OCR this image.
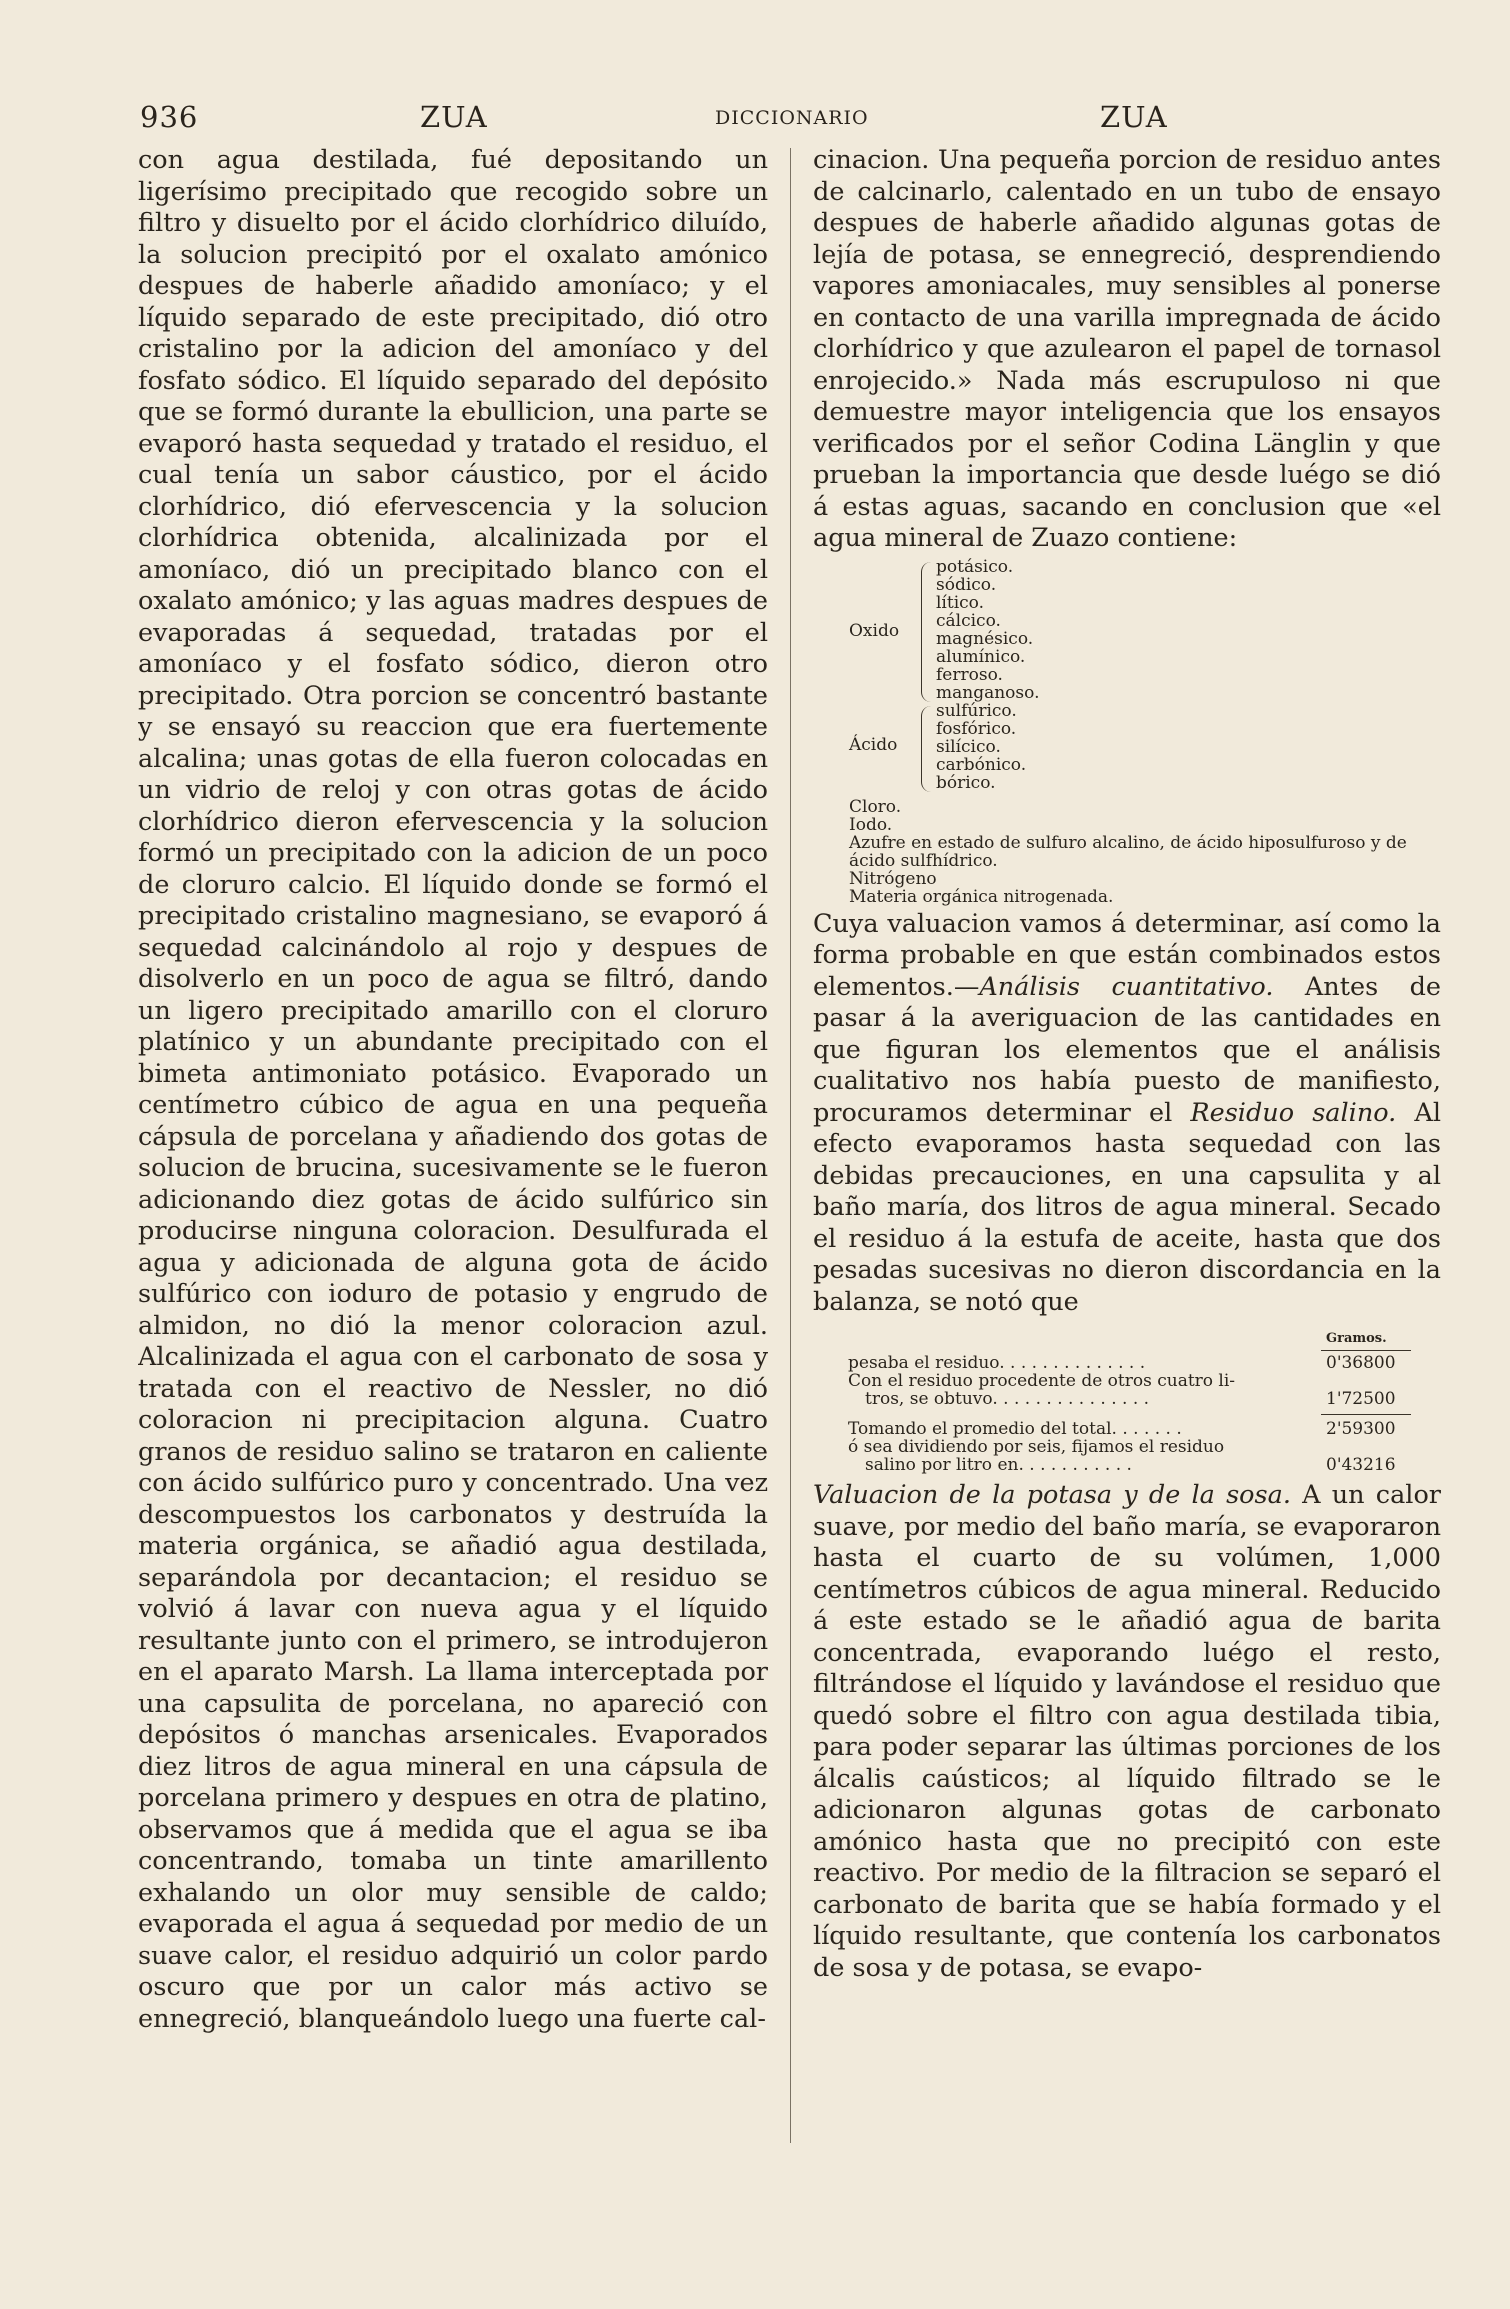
936	ZUA	DICCIONARIO	ZUA

con agua destilada, fué depositando un ligerísimo precipitado que recogido sobre un filtro y disuelto por el ácido clorhídrico diluído, la solucion precipitó por el oxalato amónico despues de haberle añadido amoníaco; y el líquido separado de este precipitado, dió otro cristalino por la adicion del amoníaco y del fosfato sódico. El líquido separado del depósito que se formó durante la ebullicion, una parte se evaporó hasta sequedad y tratado el residuo, el cual tenía un sabor cáustico, por el ácido clorhídrico, dió efervescencia y la solucion clorhídrica obtenida, alcalinizada por el amoníaco, dió un precipitado blanco con el oxalato amónico; y las aguas madres despues de evaporadas á sequedad, tratadas por el amoníaco y el fosfato sódico, dieron otro precipitado. Otra porcion se concentró bastante y se ensayó su reaccion que era fuertemente alcalina; unas gotas de ella fueron colocadas en un vidrio de reloj y con otras gotas de ácido clorhídrico dieron efervescencia y la solucion formó un precipitado con la adicion de un poco de cloruro calcio. El líquido donde se formó el precipitado cristalino magnesiano, se evaporó á sequedad calcinándolo al rojo y despues de disolverlo en un poco de agua se filtró, dando un ligero precipitado amarillo con el cloruro platínico y un abundante precipitado con el bimeta antimoniato potásico. Evaporado un centímetro cúbico de agua en una pequeña cápsula de porcelana y añadiendo dos gotas de solucion de brucina, sucesivamente se le fueron adicionando diez gotas de ácido sulfúrico sin producirse ninguna coloracion. Desulfurada el agua y adicionada de alguna gota de ácido sulfúrico con ioduro de potasio y engrudo de almidon, no dió la menor coloracion azul. Alcalinizada el agua con el carbonato de sosa y tratada con el reactivo de Nessler, no dió coloracion ni precipitacion alguna. Cuatro granos de residuo salino se trataron en caliente con ácido sulfúrico puro y concentrado. Una vez descompuestos los carbonatos y destruída la materia orgánica, se añadió agua destilada, separándola por decantacion; el residuo se volvió á lavar con nueva agua y el líquido resultante junto con el primero, se introdujeron en el aparato Marsh. La llama interceptada por una capsulita de porcelana, no apareció con depósitos ó manchas arsenicales. Evaporados diez litros de agua mineral en una cápsula de porcelana primero y despues en otra de platino, observamos que á medida que el agua se iba concentrando, tomaba un tinte amarillento exhalando un olor muy sensible de caldo; evaporada el agua á sequedad por medio de un suave calor, el residuo adquirió un color pardo oscuro que por un calor más activo se ennegreció, blanqueándolo luego una fuerte cal-

cinacion. Una pequeña porcion de residuo antes de calcinarlo, calentado en un tubo de ensayo despues de haberle añadido algunas gotas de lejía de potasa, se ennegreció, desprendiendo vapores amoniacales, muy sensibles al ponerse en contacto de una varilla impregnada de ácido clorhídrico y que azulearon el papel de tornasol enrojecido.» Nada más escrupuloso ni que demuestre mayor inteligencia que los ensayos verificados por el señor Codina Länglin y que prueban la importancia que desde luégo se dió á estas aguas, sacando en conclusion que «el agua mineral de Zuazo contiene:

Oxido
potásico.
sódico.
lítico.
cálcico.
magnésico.
alumínico.
ferroso.
manganoso.
Ácido
sulfúrico.
fosfórico.
silícico.
carbónico.
bórico.
Cloro.
Iodo.
Azufre en estado de sulfuro alcalino, de ácido hiposulfuroso y de ácido sulfhídrico.
Nitrógeno
Materia orgánica nitrogenada.

Cuya valuacion vamos á determinar, así como la forma probable en que están combinados estos elementos.—Análisis cuantitativo. Antes de pasar á la averiguacion de las cantidades en que figuran los elementos que el análisis cualitativo nos había puesto de manifiesto, procuramos determinar el Residuo salino. Al efecto evaporamos hasta sequedad con las debidas precauciones, en una capsulita y al baño maría, dos litros de agua mineral. Secado el residuo á la estufa de aceite, hasta que dos pesadas sucesivas no dieron discordancia en la balanza, se notó que

Gramos.
pesaba el residuo. . . . . . . . . . . . . .	0'36800
Con el residuo procedente de otros cuatro li-
tros, se obtuvo. . . . . . . . . . . . . . .	1'72500
Tomando el promedio del total. . . . . . .	2'59300
ó sea dividiendo por seis, fijamos el residuo
salino por litro en. . . . . . . . . . .	0'43216

Valuacion de la potasa y de la sosa. A un calor suave, por medio del baño maría, se evaporaron hasta el cuarto de su volúmen, 1,000 centímetros cúbicos de agua mineral. Reducido á este estado se le añadió agua de barita concentrada, evaporando luégo el resto, filtrándose el líquido y lavándose el residuo que quedó sobre el filtro con agua destilada tibia, para poder separar las últimas porciones de los álcalis caústicos; al líquido filtrado se le adicionaron algunas gotas de carbonato amónico hasta que no precipitó con este reactivo. Por medio de la filtracion se separó el carbonato de barita que se había formado y el líquido resultante, que contenía los carbonatos de sosa y de potasa, se evapo-
